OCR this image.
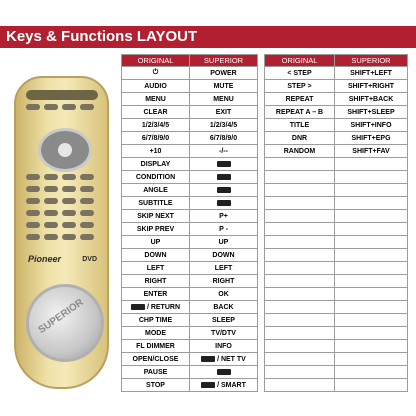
Keys & Functions LAYOUT
Pioneer	DVD
SUPERIOR
ORIGINAL	SUPERIOR
⏻	POWER
AUDIO	MUTE
MENU	MENU
CLEAR	EXIT
1/2/3/4/5	1/2/3/4/5
6/7/8/9/0	6/7/8/9/0
+10	-/--
DISPLAY	
CONDITION	
ANGLE	
SUBTITLE	
SKIP NEXT	P+
SKIP PREV	P -
UP	UP
DOWN	DOWN
LEFT	LEFT
RIGHT	RIGHT
ENTER	OK
/ RETURN	BACK
CHP TIME	SLEEP
MODE	TV/DTV
FL DIMMER	INFO
OPEN/CLOSE	/ NET TV
PAUSE	
STOP	/ SMART
ORIGINAL	SUPERIOR
< STEP	SHIFT+LEFT
STEP >	SHIFT+RIGHT
REPEAT	SHIFT+BACK
REPEAT A – B	SHIFT+SLEEP
TITLE	SHIFT+INFO
DNR	SHIFT+EPG
RANDOM	SHIFT+FAV
